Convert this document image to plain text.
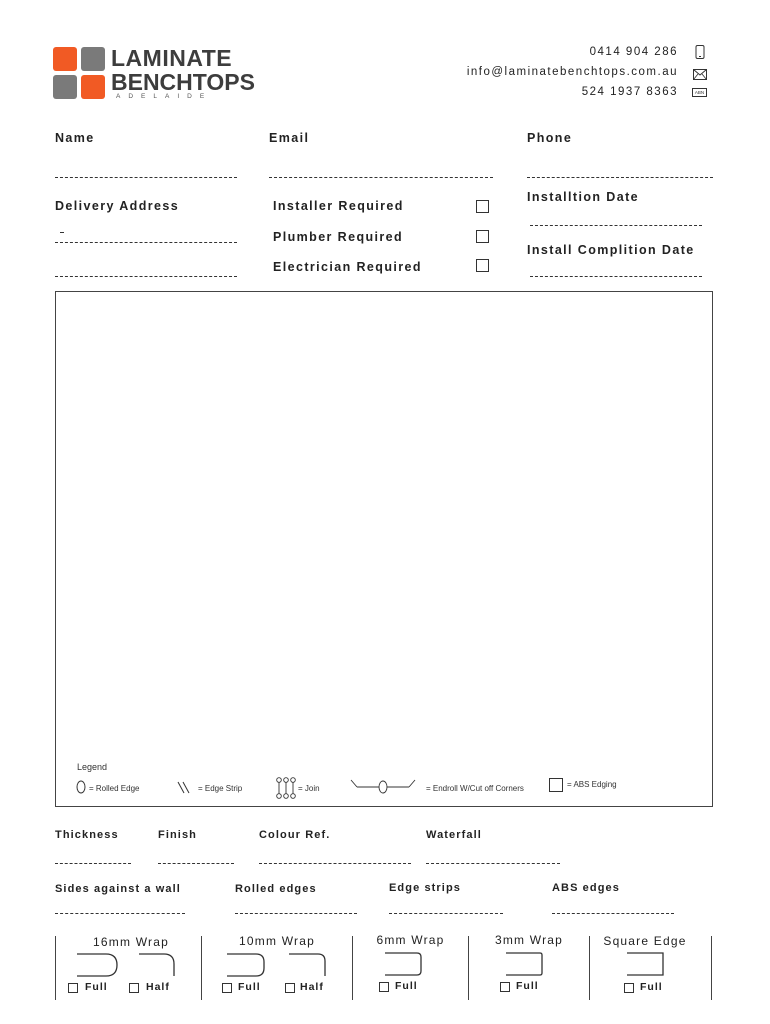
LAMINATE
BENCHTOPS
ADELAIDE
0414 904 286
info@laminatebenchtops.com.au
524 1937 8363	ABN
Name	Email	Phone
Delivery Address	Installer Required
Plumber Required
Electrician Required
Installtion Date
Install Complition Date
Legend
= Rolled Edge	= Edge Strip	= Join	= Endroll W/Cut off Corners	= ABS Edging
Thickness	Finish	Colour Ref.	Waterfall
Sides against a wall	Rolled edges	Edge strips	ABS edges
16mm Wrap
Full	Half
10mm Wrap
Full	Half
6mm Wrap
Full
3mm Wrap
Full
Square Edge
Full
